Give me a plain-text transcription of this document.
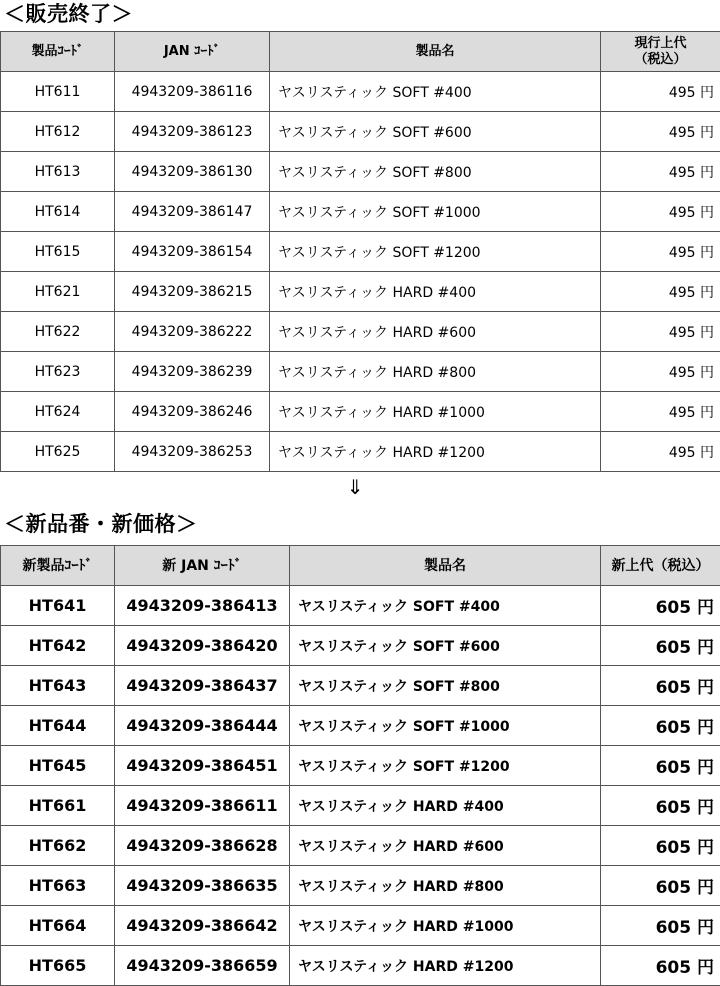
＜販売終了＞
製品ｺｰﾄﾞ	JAN ｺｰﾄﾞ	製品名	現行上代
（税込）
HT611	4943209-386116	ヤスリスティック SOFT #400	495 円
HT612	4943209-386123	ヤスリスティック SOFT #600	495 円
HT613	4943209-386130	ヤスリスティック SOFT #800	495 円
HT614	4943209-386147	ヤスリスティック SOFT #1000	495 円
HT615	4943209-386154	ヤスリスティック SOFT #1200	495 円
HT621	4943209-386215	ヤスリスティック HARD #400	495 円
HT622	4943209-386222	ヤスリスティック HARD #600	495 円
HT623	4943209-386239	ヤスリスティック HARD #800	495 円
HT624	4943209-386246	ヤスリスティック HARD #1000	495 円
HT625	4943209-386253	ヤスリスティック HARD #1200	495 円
⇓
＜新品番・新価格＞
新製品ｺｰﾄﾞ	新 JAN ｺｰﾄﾞ	製品名	新上代（税込）
HT641	4943209-386413	ヤスリスティック SOFT #400	605 円
HT642	4943209-386420	ヤスリスティック SOFT #600	605 円
HT643	4943209-386437	ヤスリスティック SOFT #800	605 円
HT644	4943209-386444	ヤスリスティック SOFT #1000	605 円
HT645	4943209-386451	ヤスリスティック SOFT #1200	605 円
HT661	4943209-386611	ヤスリスティック HARD #400	605 円
HT662	4943209-386628	ヤスリスティック HARD #600	605 円
HT663	4943209-386635	ヤスリスティック HARD #800	605 円
HT664	4943209-386642	ヤスリスティック HARD #1000	605 円
HT665	4943209-386659	ヤスリスティック HARD #1200	605 円
